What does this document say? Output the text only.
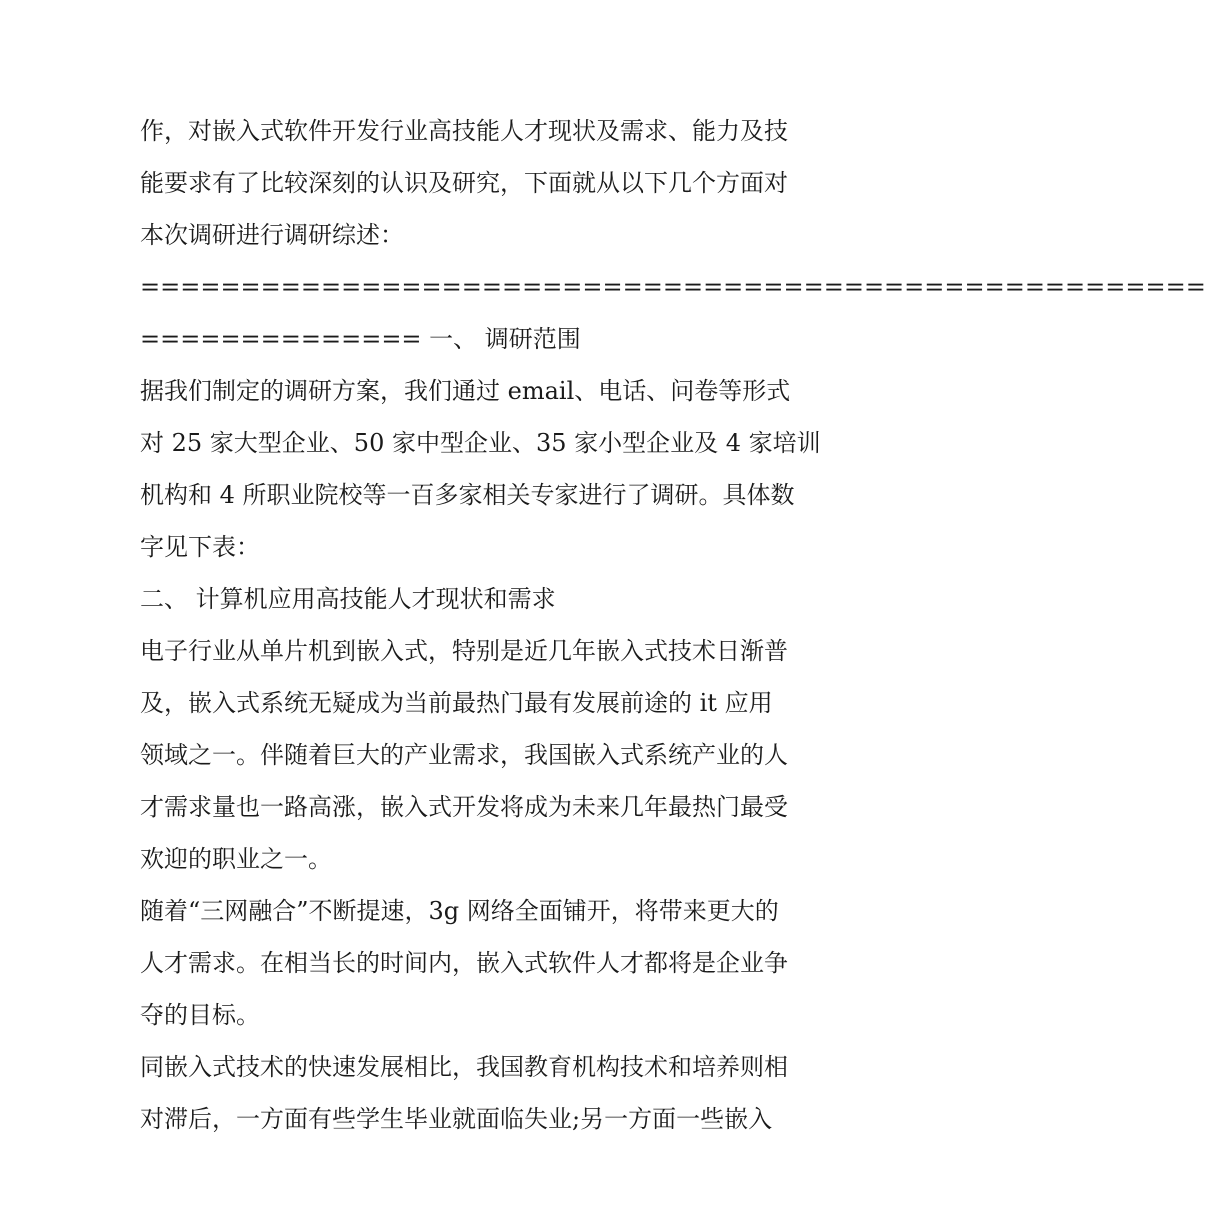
作，对嵌入式软件开发行业高技能人才现状及需求、能力及技
能要求有了比较深刻的认识及研究，下面就从以下几个方面对
本次调研进行调研综述：
=====================================================
============== 一、 调研范围
据我们制定的调研方案，我们通过 email、电话、问卷等形式
对 25 家大型企业、50 家中型企业、35 家小型企业及 4 家培训
机构和 4 所职业院校等一百多家相关专家进行了调研。具体数
字见下表：
二、 计算机应用高技能人才现状和需求
电子行业从单片机到嵌入式，特别是近几年嵌入式技术日渐普
及，嵌入式系统无疑成为当前最热门最有发展前途的 it 应用
领域之一。伴随着巨大的产业需求，我国嵌入式系统产业的人
才需求量也一路高涨，嵌入式开发将成为未来几年最热门最受
欢迎的职业之一。
随着“三网融合”不断提速，3g 网络全面铺开，将带来更大的
人才需求。在相当长的时间内，嵌入式软件人才都将是企业争
夺的目标。
同嵌入式技术的快速发展相比，我国教育机构技术和培养则相
对滞后，一方面有些学生毕业就面临失业;另一方面一些嵌入
